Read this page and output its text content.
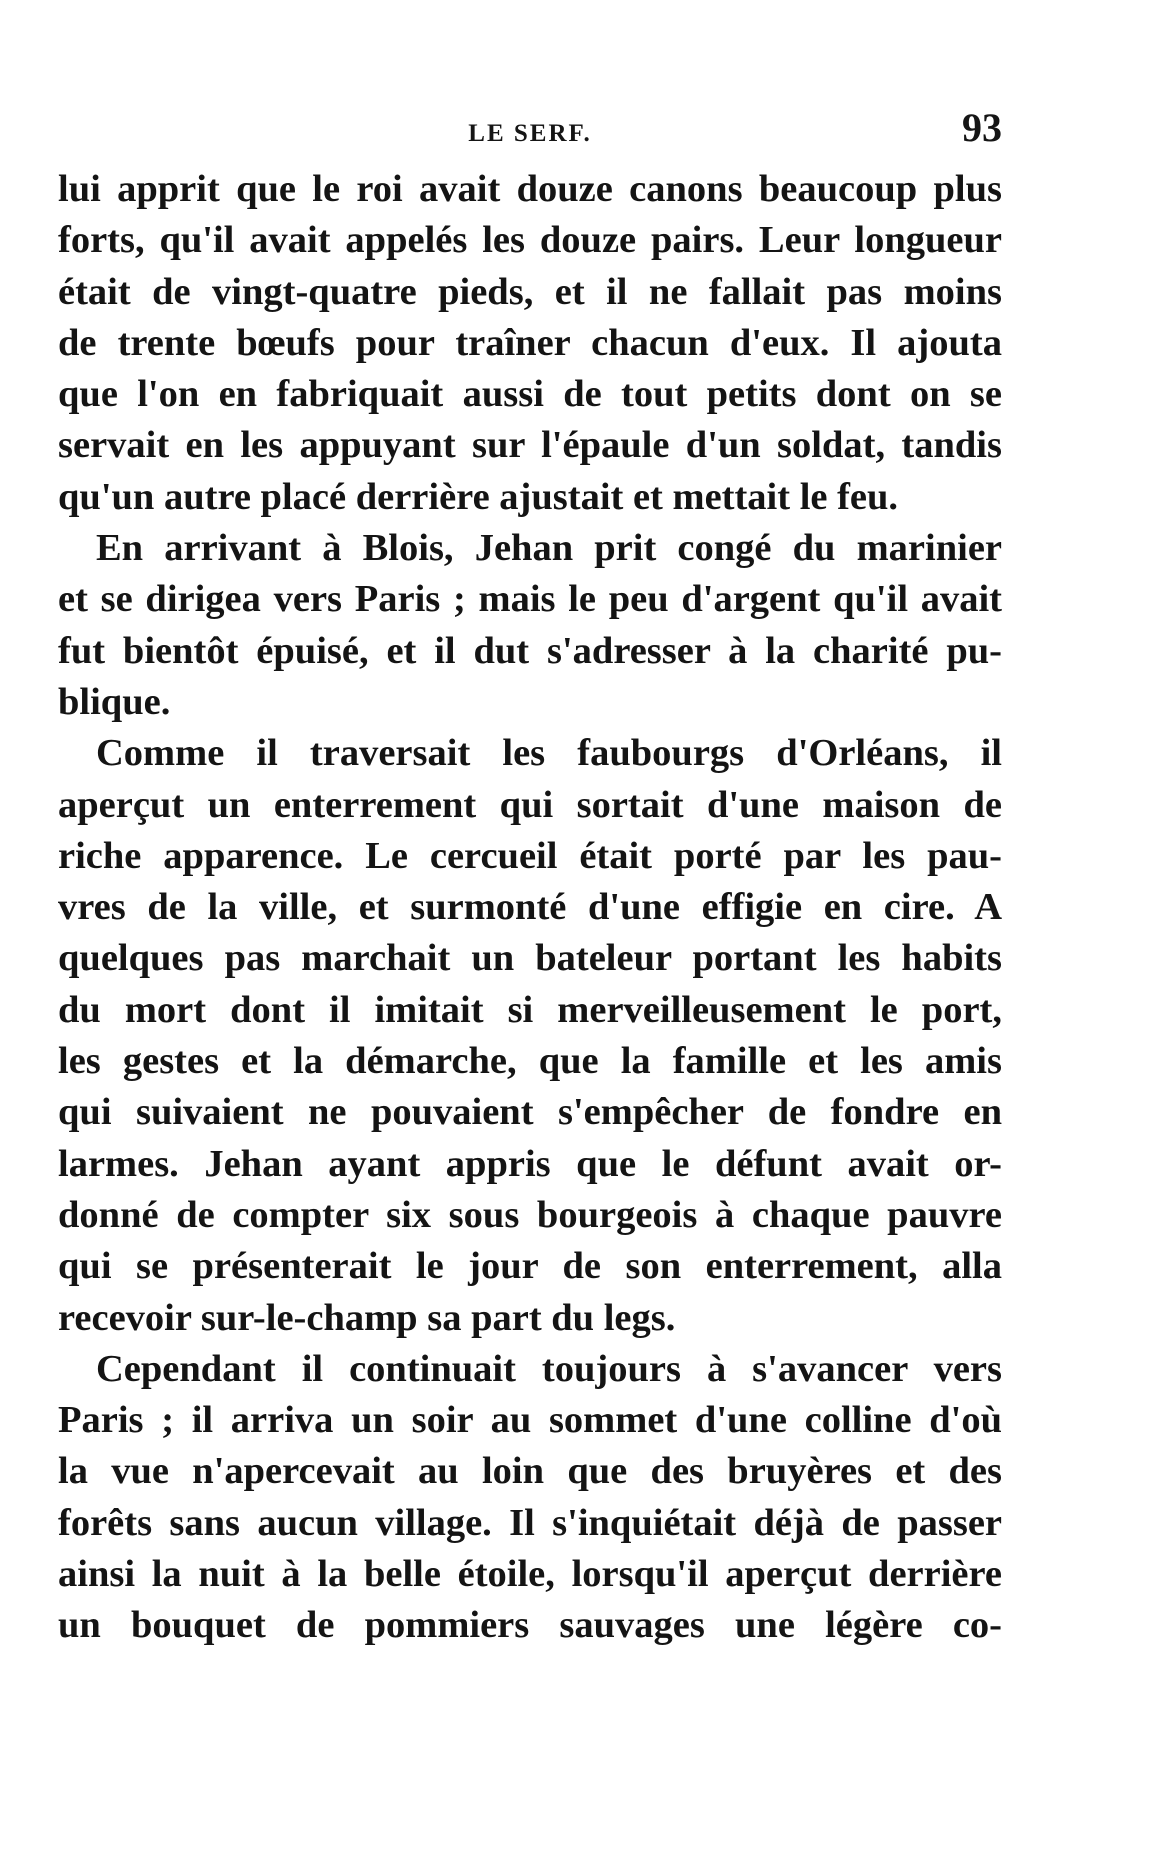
LE SERF.	93
lui apprit que le roi avait douze canons beaucoup plus
forts, qu'il avait appelés les douze pairs. Leur longueur
était de vingt-quatre pieds, et il ne fallait pas moins
de trente bœufs pour traîner chacun d'eux. Il ajouta
que l'on en fabriquait aussi de tout petits dont on se
servait en les appuyant sur l'épaule d'un soldat, tandis
qu'un autre placé derrière ajustait et mettait le feu.
En arrivant à Blois, Jehan prit congé du marinier
et se dirigea vers Paris ; mais le peu d'argent qu'il avait
fut bientôt épuisé, et il dut s'adresser à la charité pu-
blique.
Comme il traversait les faubourgs d'Orléans, il
aperçut un enterrement qui sortait d'une maison de
riche apparence. Le cercueil était porté par les pau-
vres de la ville, et surmonté d'une effigie en cire. A
quelques pas marchait un bateleur portant les habits
du mort dont il imitait si merveilleusement le port,
les gestes et la démarche, que la famille et les amis
qui suivaient ne pouvaient s'empêcher de fondre en
larmes. Jehan ayant appris que le défunt avait or-
donné de compter six sous bourgeois à chaque pauvre
qui se présenterait le jour de son enterrement, alla
recevoir sur-le-champ sa part du legs.
Cependant il continuait toujours à s'avancer vers
Paris ; il arriva un soir au sommet d'une colline d'où
la vue n'apercevait au loin que des bruyères et des
forêts sans aucun village. Il s'inquiétait déjà de passer
ainsi la nuit à la belle étoile, lorsqu'il aperçut derrière
un bouquet de pommiers sauvages une légère co-
